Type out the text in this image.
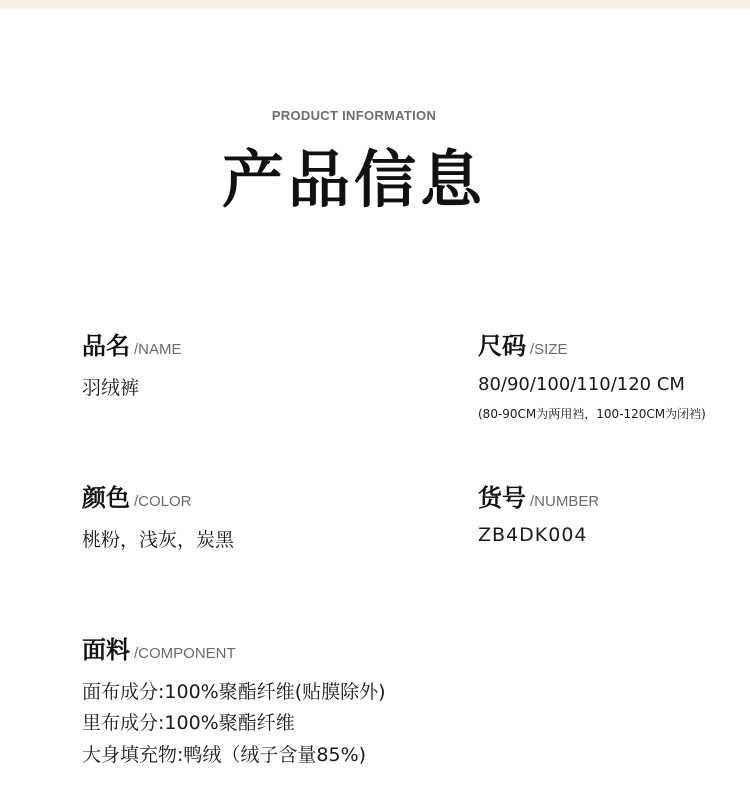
PRODUCT INFORMATION
产品信息
品名 /NAME
羽绒裤
尺码 /SIZE
80/90/100/110/120 CM
(80-90CM为两用裆，100-120CM为闭裆)
颜色 /COLOR
桃粉，浅灰，炭黑
货号 /NUMBER
ZB4DK004
面料 /COMPONENT
面布成分:100%聚酯纤维(贴膜除外)
里布成分:100%聚酯纤维
大身填充物:鸭绒（绒子含量85%)
